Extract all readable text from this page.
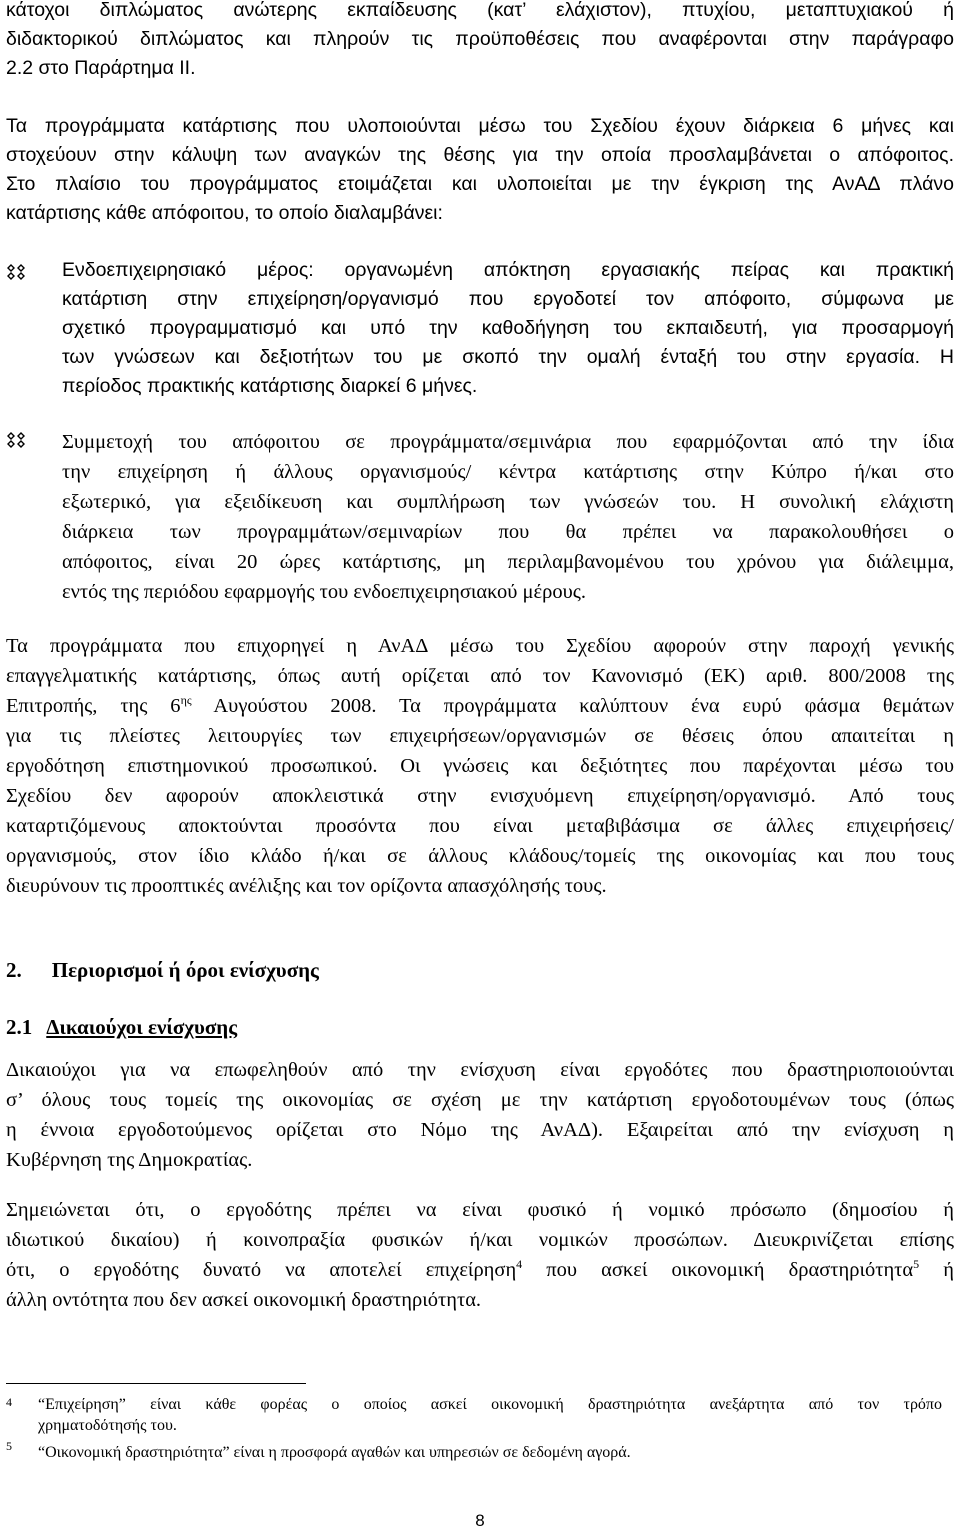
κάτοχοι διπλώματος ανώτερης εκπαίδευσης (κατ’ ελάχιστον), πτυχίου, μεταπτυχιακού ή
διδακτορικού διπλώματος και πληρούν τις προϋποθέσεις που αναφέρονται στην παράγραφο
2.2 στο Παράρτημα ΙΙ.
Τα προγράμματα κατάρτισης που υλοποιούνται μέσω του Σχεδίου έχουν διάρκεια 6 μήνες και
στοχεύουν στην κάλυψη των αναγκών της θέσης για την οποία προσλαμβάνεται ο απόφοιτος.
Στο πλαίσιο του προγράμματος ετοιμάζεται και υλοποιείται με την έγκριση της ΑνΑΔ πλάνο
κατάρτισης κάθε απόφοιτου, το οποίο διαλαμβάνει:
Ενδοεπιχειρησιακό μέρος: οργανωμένη απόκτηση εργασιακής πείρας και πρακτική
κατάρτιση στην επιχείρηση/οργανισμό που εργοδοτεί τον απόφοιτο, σύμφωνα με
σχετικό προγραμματισμό και υπό την καθοδήγηση του εκπαιδευτή, για προσαρμογή
των γνώσεων και δεξιοτήτων του με σκοπό την ομαλή ένταξή του στην εργασία. Η
περίοδος πρακτικής κατάρτισης διαρκεί 6 μήνες.
Συμμετοχή του απόφοιτου σε προγράμματα/σεμινάρια που εφαρμόζονται από την ίδια
την επιχείρηση ή άλλους οργανισμούς/ κέντρα κατάρτισης στην Κύπρο ή/και στο
εξωτερικό, για εξειδίκευση και συμπλήρωση των γνώσεών του. Η συνολική ελάχιστη
διάρκεια των προγραμμάτων/σεμιναρίων που θα πρέπει να παρακολουθήσει ο
απόφοιτος, είναι 20 ώρες κατάρτισης, μη περιλαμβανομένου του χρόνου για διάλειμμα,
εντός της περιόδου εφαρμογής του ενδοεπιχειρησιακού μέρους.
Τα προγράμματα που επιχορηγεί η ΑνΑΔ μέσω του Σχεδίου αφορούν στην παροχή γενικής
επαγγελματικής κατάρτισης, όπως αυτή ορίζεται από τον Κανονισμό (ΕΚ) αριθ. 800/2008 της
Επιτροπής, της $6^{\eta\varsigma}$ Αυγούστου 2008. Τα προγράμματα καλύπτουν ένα ευρύ φάσμα θεμάτων
για τις πλείστες λειτουργίες των επιχειρήσεων/οργανισμών σε θέσεις όπου απαιτείται η
εργοδότηση επιστημονικού προσωπικού. Οι γνώσεις και δεξιότητες που παρέχονται μέσω του
Σχεδίου δεν αφορούν αποκλειστικά στην ενισχυόμενη επιχείρηση/οργανισμό. Από τους
καταρτιζόμενους αποκτούνται προσόντα που είναι μεταβιβάσιμα σε άλλες επιχειρήσεις/
οργανισμούς, στον ίδιο κλάδο ή/και σε άλλους κλάδους/τομείς της οικονομίας και που τους
διευρύνουν τις προοπτικές ανέλιξης και τον ορίζοντα απασχόλησής τους.
2. Περιορισμοί ή όροι ενίσχυσης
2.1 Δικαιούχοι ενίσχυσης
Δικαιούχοι για να επωφεληθούν από την ενίσχυση είναι εργοδότες που δραστηριοποιούνται
σ’ όλους τους τομείς της οικονομίας σε σχέση με την κατάρτιση εργοδοτουμένων τους (όπως
η έννοια εργοδοτούμενος ορίζεται στο Νόμο της ΑνΑΔ). Εξαιρείται από την ενίσχυση η
Κυβέρνηση της Δημοκρατίας.
Σημειώνεται ότι, ο εργοδότης πρέπει να είναι φυσικό ή νομικό πρόσωπο (δημοσίου ή
ιδιωτικού δικαίου) ή κοινοπραξία φυσικών ή/και νομικών προσώπων. Διευκρινίζεται επίσης
ότι, ο εργοδότης δυνατό να αποτελεί επιχείρηση$^4$ που ασκεί οικονομική δραστηριότητα$^5$ ή
άλλη οντότητα που δεν ασκεί οικονομική δραστηριότητα.
4	“Επιχείρηση” είναι κάθε φορέας ο οποίος ασκεί οικονομική δραστηριότητα ανεξάρτητα από τον τρόπο
χρηματοδότησής του.
5	“Οικονομική δραστηριότητα” είναι η προσφορά αγαθών και υπηρεσιών σε δεδομένη αγορά.
8
